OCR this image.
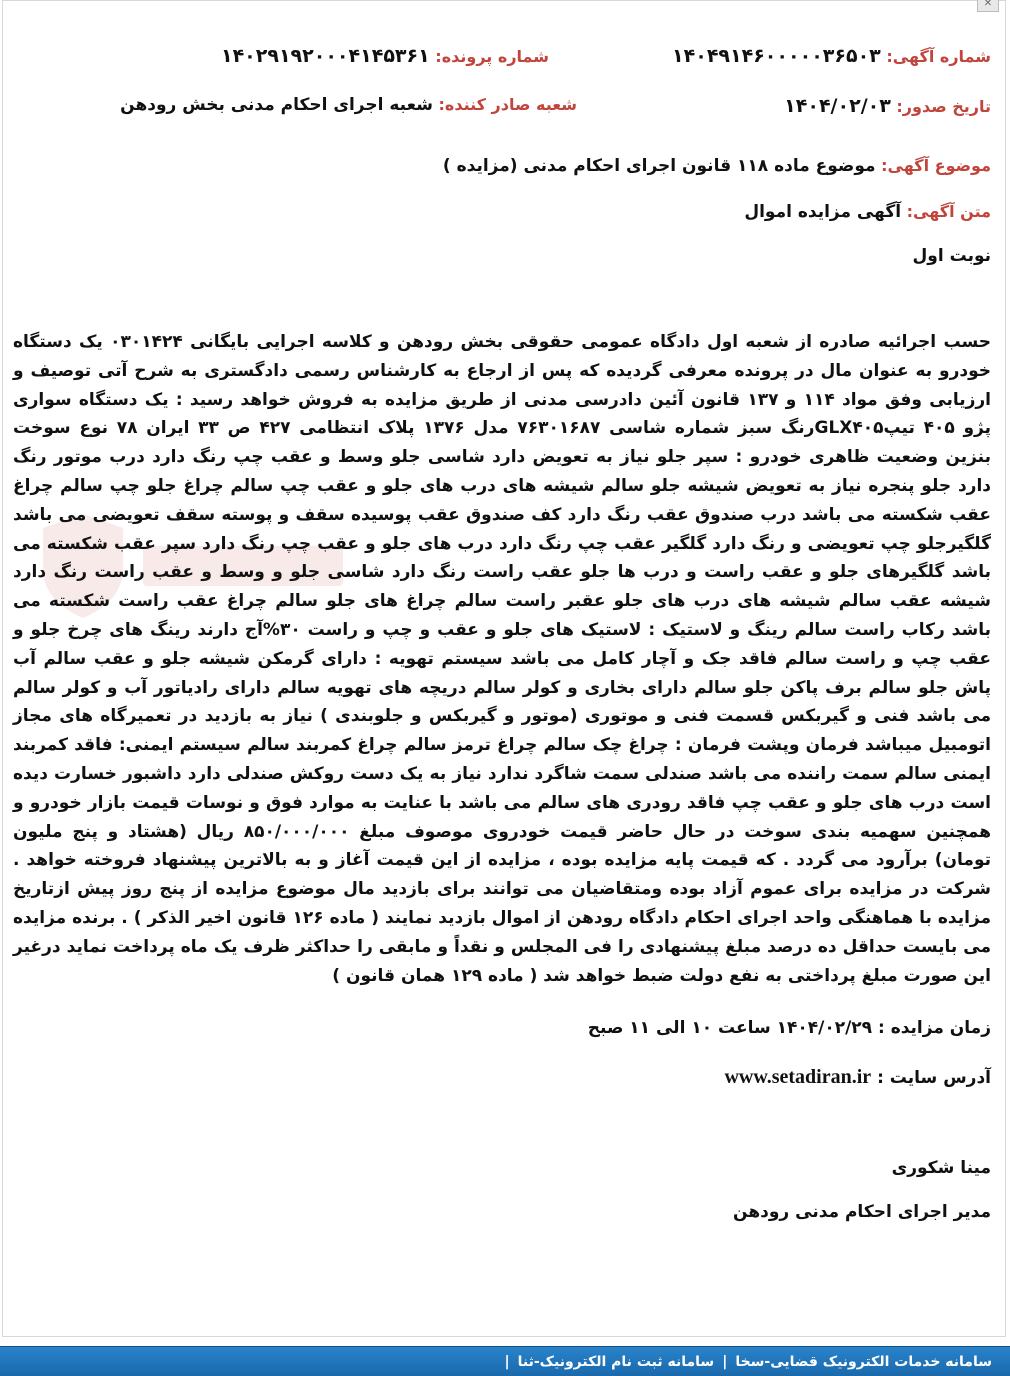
✕
شماره آگهی: ۱۴۰۴۹۱۴۶۰۰۰۰۰۳۶۵۰۳
شماره پرونده: ۱۴۰۲۹۱۹۲۰۰۰۴۱۴۵۳۶۱
تاریخ صدور: ۱۴۰۴/۰۲/۰۳
شعبه صادر کننده: شعبه اجرای احکام مدنی بخش رودهن
موضوع آگهی: موضوع ماده ۱۱۸ قانون اجرای احکام مدنی (مزایده )
متن آگهی: آگهی مزایده اموال
نوبت اول
حسب اجرائیه صادره از شعبه اول دادگاه عمومی حقوقی بخش رودهن و کلاسه اجرایی بایگانی ۰۳۰۱۴۲۴ یک دستگاه خودرو به عنوان مال در پرونده معرفی گردیده که پس از ارجاع به کارشناس رسمی دادگستری به شرح آتی توصیف و ارزیابی وفق مواد ۱۱۴ و ۱۳۷ قانون آئین دادرسی مدنی از طریق مزایده به فروش خواهد رسید : یک دستگاه سواری پژو ۴۰۵ تیپGLX۴۰۵رنگ سبز شماره شاسی ۷۶۳۰۱۶۸۷ مدل ۱۳۷۶ پلاک انتظامی ۴۲۷ ص ۳۳ ایران ۷۸ نوع سوخت بنزین وضعیت ظاهری خودرو : سپر جلو نیاز به تعویض دارد شاسی جلو وسط و عقب چپ رنگ دارد درب موتور رنگ دارد جلو پنجره نیاز به تعویض شیشه جلو سالم شیشه های درب های جلو و عقب چپ سالم چراغ جلو چپ سالم چراغ عقب شکسته می باشد درب صندوق عقب رنگ دارد کف صندوق عقب پوسیده سقف و پوسته سقف تعویضی می باشد گلگیرجلو چپ تعویضی و رنگ دارد گلگیر عقب چپ رنگ دارد درب های جلو و عقب چپ رنگ دارد سپر عقب شکسته می باشد گلگیرهای جلو و عقب راست و درب ها جلو عقب راست رنگ دارد شاسی جلو و وسط و عقب راست رنگ دارد شیشه عقب سالم شیشه های درب های جلو عقبر راست سالم چراغ های جلو سالم چراغ عقب راست شکسته می باشد رکاب راست سالم رینگ و لاستیک : لاستیک های جلو و عقب و چپ و راست ۳۰%آج دارند رینگ های چرخ جلو و عقب چپ و راست سالم فاقد جک و آچار کامل می باشد سیستم تهویه : دارای گرمکن شیشه جلو و عقب سالم آب پاش جلو سالم برف پاکن جلو سالم دارای بخاری و کولر سالم دریچه های تهویه سالم دارای رادیاتور آب و کولر سالم می باشد فنی و گیربکس قسمت فنی و موتوری (موتور و گیربکس و جلوبندی ) نیاز به بازدید در تعمیرگاه های مجاز اتومبیل میباشد فرمان وپشت فرمان : چراغ چک سالم چراغ ترمز سالم چراغ کمربند سالم سیستم ایمنی: فاقد کمربند ایمنی سالم سمت راننده می باشد صندلی سمت شاگرد ندارد نیاز به یک دست روکش صندلی دارد داشبور خسارت دیده است درب های جلو و عقب چپ فاقد رودری های سالم می باشد با عنایت به موارد فوق و نوسات قیمت بازار خودرو و همچنین سهمیه بندی سوخت در حال حاضر قیمت خودروی موصوف مبلغ ۸۵۰/۰۰۰/۰۰۰ ریال (هشتاد و پنج ملیون تومان) برآرود می گردد . که قیمت پایه مزایده بوده ، مزایده از این قیمت آغاز و به بالاترین پیشنهاد فروخته خواهد . شرکت در مزایده برای عموم آزاد بوده ومتقاضیان می توانند برای بازدید مال موضوع مزایده از پنج روز پیش ازتاریخ مزایده با هماهنگی واحد اجرای احکام دادگاه رودهن از اموال بازدید نمایند ( ماده ۱۲۶ قانون اخیر الذکر ) . برنده مزایده می بایست حداقل ده درصد مبلغ پیشنهادی را فی المجلس و نقداً و مابقی را حداکثر ظرف یک ماه پرداخت نماید درغیر این صورت مبلغ پرداختی به نفع دولت ضبط خواهد شد ( ماده ۱۲۹ همان قانون )
زمان مزایده : ۱۴۰۴/۰۲/۲۹ ساعت ۱۰ الی ۱۱ صبح
آدرس سایت : www.setadiran.ir
مینا شکوری
مدیر اجرای احکام مدنی رودهن
سامانه خدمات الکترونیک قضایی-سخا
|
سامانه ثبت نام الکترونیک-ثنا
|
